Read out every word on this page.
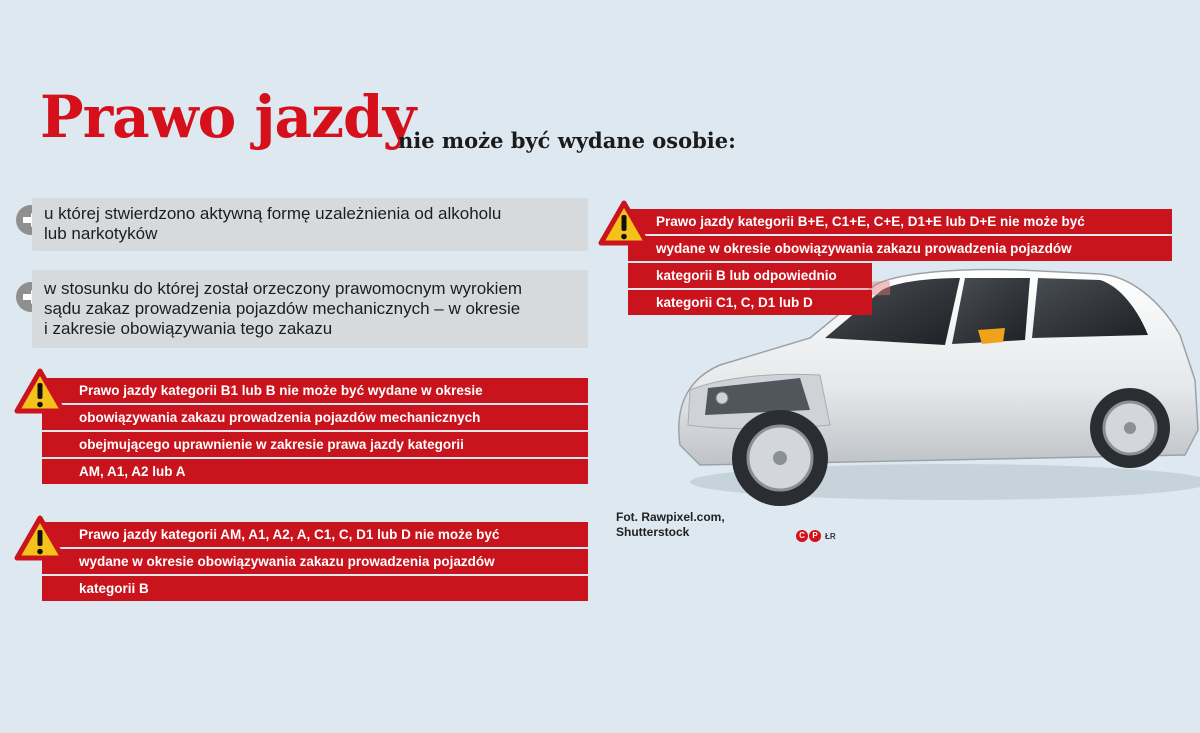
Prawo jazdy
nie może być wydane osobie:
u której stwierdzono aktywną formę uzależnienia od alkoholu
lub narkotyków
w stosunku do której został orzeczony prawomocnym wyrokiem
sądu zakaz prowadzenia pojazdów mechanicznych – w okresie
i zakresie obowiązywania tego zakazu
Prawo jazdy kategorii B1 lub B nie może być wydane w okresie
obowiązywania zakazu prowadzenia pojazdów mechanicznych
obejmującego uprawnienie w zakresie prawa jazdy kategorii
AM, A1, A2 lub A
Prawo jazdy kategorii AM, A1, A2, A, C1, C, D1 lub D nie może być
wydane w okresie obowiązywania zakazu prowadzenia pojazdów
kategorii B
Prawo jazdy kategorii B+E, C1+E, C+E, D1+E lub D+E nie może być
wydane w okresie obowiązywania zakazu prowadzenia pojazdów
kategorii B lub odpowiednio
kategorii C1, C, D1 lub D
Fot. Rawpixel.com,
Shutterstock	C P ŁR
